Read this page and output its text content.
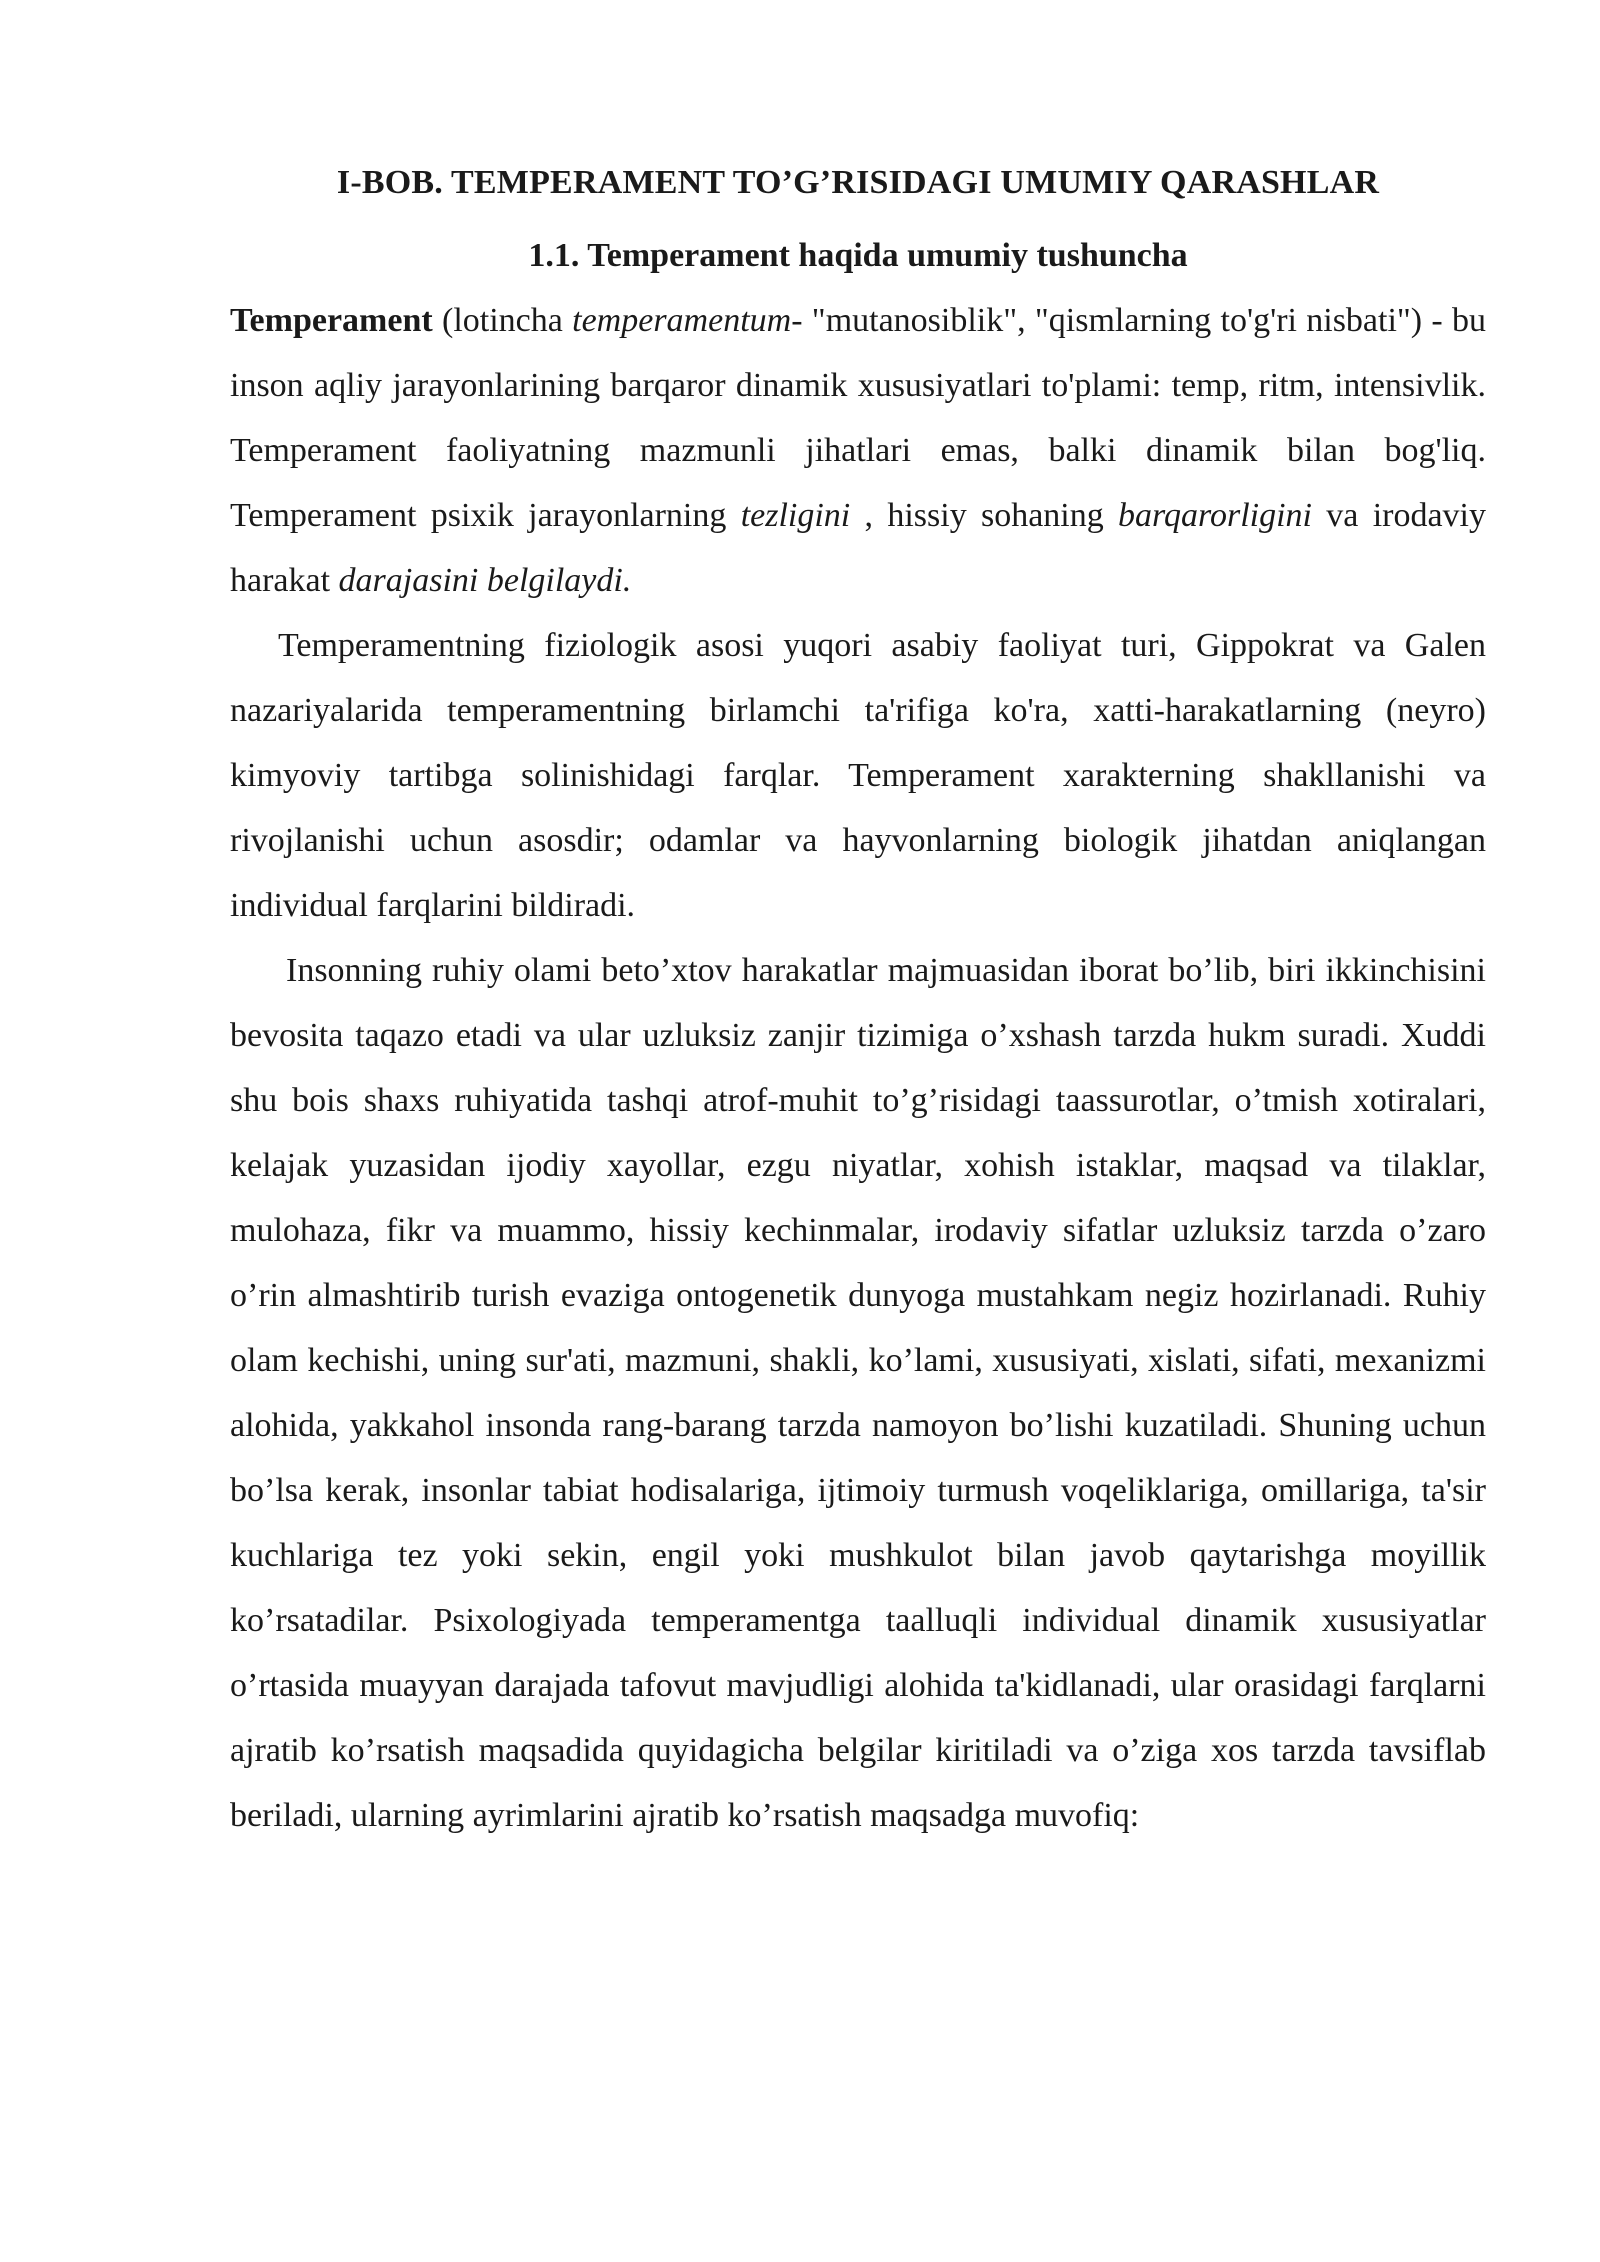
I-BOB. TEMPERAMENT TO’G’RISIDAGI UMUMIY QARASHLAR
1.1. Temperament haqida umumiy tushuncha

Temperament (lotincha temperamentum- "mutanosiblik", "qismlarning to'g'ri nisbati") - bu inson aqliy jarayonlarining barqaror dinamik xususiyatlari to'plami: temp, ritm, intensivlik. Temperament faoliyatning mazmunli jihatlari emas, balki dinamik bilan bog'liq. Temperament psixik jarayonlarning tezligini , hissiy sohaning barqarorligini va irodaviy harakat darajasini belgilaydi.

Temperamentning fiziologik asosi yuqori asabiy faoliyat turi, Gippokrat va Galen nazariyalarida temperamentning birlamchi ta'rifiga ko'ra, xatti-harakatlarning (neyro) kimyoviy tartibga solinishidagi farqlar. Temperament xarakterning shakllanishi va rivojlanishi uchun asosdir; odamlar va hayvonlarning biologik jihatdan aniqlangan individual farqlarini bildiradi.

Insonning ruhiy olami beto’xtov harakatlar majmuasidan iborat bo’lib, biri ikkinchisini bevosita taqazo etadi va ular uzluksiz zanjir tizimiga o’xshash tarzda hukm suradi. Xuddi shu bois shaxs ruhiyatida tashqi atrof-muhit to’g’risidagi taassurotlar, o’tmish xotiralari, kelajak yuzasidan ijodiy xayollar, ezgu niyatlar, xohish istaklar, maqsad va tilaklar, mulohaza, fikr va muammo, hissiy kechinmalar, irodaviy sifatlar uzluksiz tarzda o’zaro o’rin almashtirib turish evaziga ontogenetik dunyoga mustahkam negiz hozirlanadi. Ruhiy olam kechishi, uning sur'ati, mazmuni, shakli, ko’lami, xususiyati, xislati, sifati, mexanizmi alohida, yakkahol insonda rang-barang tarzda namoyon bo’lishi kuzatiladi. Shuning uchun bo’lsa kerak, insonlar tabiat hodisalariga, ijtimoiy turmush voqeliklariga, omillariga, ta'sir kuchlariga tez yoki sekin, engil yoki mushkulot bilan javob qaytarishga moyillik ko’rsatadilar. Psixologiyada temperamentga taalluqli individual dinamik xususiyatlar o’rtasida muayyan darajada tafovut mavjudligi alohida ta'kidlanadi, ular orasidagi farqlarni ajratib ko’rsatish maqsadida quyidagicha belgilar kiritiladi va o’ziga xos tarzda tavsiflab beriladi, ularning ayrimlarini ajratib ko’rsatish maqsadga muvofiq:
